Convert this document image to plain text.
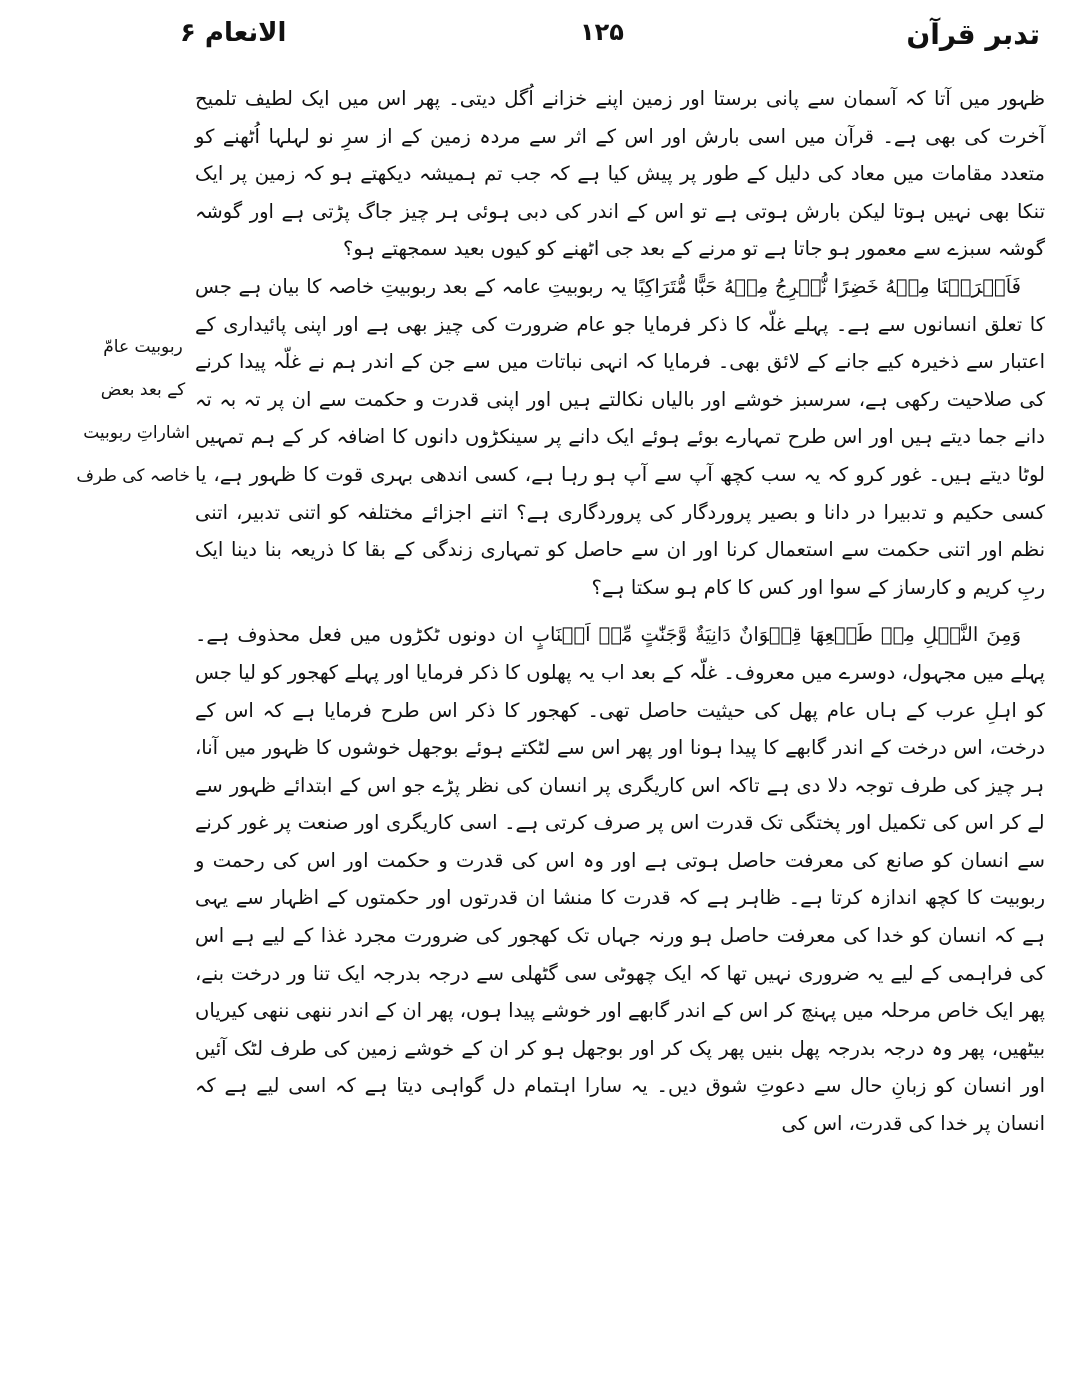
تدبر قرآن
۱۲۵
الانعام ۶
ربوبیت عامّ
کے بعد بعض
اشاراتِ ربوبیت
خاصہ کی طرف

ظہور میں آتا کہ آسمان سے پانی برستا اور زمین اپنے خزانے اُگل دیتی۔ پھر اس میں ایک لطیف تلمیح آخرت کی بھی ہے۔ قرآن میں اسی بارش اور اس کے اثر سے مردہ زمین کے از سرِ نو لہلہا اُٹھنے کو متعدد مقامات میں معاد کی دلیل کے طور پر پیش کیا ہے کہ جب تم ہمیشہ دیکھتے ہو کہ زمین پر ایک تنکا بھی نہیں ہوتا لیکن بارش ہوتی ہے تو اس کے اندر کی دبی ہوئی ہر چیز جاگ پڑتی ہے اور گوشہ گوشہ سبزے سے معمور ہو جاتا ہے تو مرنے کے بعد جی اٹھنے کو کیوں بعید سمجھتے ہو؟

فَاَخۡرَجۡنَا مِنۡهُ خَضِرًا نُّخۡرِجُ مِنۡهُ حَبًّا مُّتَرَاكِبًا یہ ربوبیتِ عامہ کے بعد ربوبیتِ خاصہ کا بیان ہے جس کا تعلق انسانوں سے ہے۔ پہلے غلّہ کا ذکر فرمایا جو عام ضرورت کی چیز بھی ہے اور اپنی پائیداری کے اعتبار سے ذخیرہ کیے جانے کے لائق بھی۔ فرمایا کہ انہی نباتات میں سے جن کے اندر ہم نے غلّہ پیدا کرنے کی صلاحیت رکھی ہے، سرسبز خوشے اور بالیاں نکالتے ہیں اور اپنی قدرت و حکمت سے ان پر تہ بہ تہ دانے جما دیتے ہیں اور اس طرح تمہارے بوئے ہوئے ایک دانے پر سینکڑوں دانوں کا اضافہ کر کے ہم تمہیں لوٹا دیتے ہیں۔ غور کرو کہ یہ سب کچھ آپ سے آپ ہو رہا ہے، کسی اندھی بہری قوت کا ظہور ہے، یا کسی حکیم و تدبیرا در دانا و بصیر پروردگار کی پروردگاری ہے؟ اتنے اجزائے مختلفہ کو اتنی تدبیر، اتنی نظم اور اتنی حکمت سے استعمال کرنا اور ان سے حاصل کو تمہاری زندگی کے بقا کا ذریعہ بنا دینا ایک ربِ کریم و کارساز کے سوا اور کس کا کام ہو سکتا ہے؟

وَمِنَ النَّخۡلِ مِنۡ طَلۡعِهَا قِنۡوَانٌ دَانِيَةٌ وَّجَنّٰتٍ مِّنۡ اَعۡنَابٍ ان دونوں ٹکڑوں میں فعل محذوف ہے۔ پہلے میں مجہول، دوسرے میں معروف۔ غلّہ کے بعد اب یہ پھلوں کا ذکر فرمایا اور پہلے کھجور کو لیا جس کو اہلِ عرب کے ہاں عام پھل کی حیثیت حاصل تھی۔ کھجور کا ذکر اس طرح فرمایا ہے کہ اس کے درخت، اس درخت کے اندر گابھے کا پیدا ہونا اور پھر اس سے لٹکتے ہوئے بوجھل خوشوں کا ظہور میں آنا، ہر چیز کی طرف توجہ دلا دی ہے تاکہ اس کاریگری پر انسان کی نظر پڑے جو اس کے ابتدائے ظہور سے لے کر اس کی تکمیل اور پختگی تک قدرت اس پر صرف کرتی ہے۔ اسی کاریگری اور صنعت پر غور کرنے سے انسان کو صانع کی معرفت حاصل ہوتی ہے اور وہ اس کی قدرت و حکمت اور اس کی رحمت و ربوبیت کا کچھ اندازہ کرتا ہے۔ ظاہر ہے کہ قدرت کا منشا ان قدرتوں اور حکمتوں کے اظہار سے یہی ہے کہ انسان کو خدا کی معرفت حاصل ہو ورنہ جہاں تک کھجور کی ضرورت مجرد غذا کے لیے ہے اس کی فراہمی کے لیے یہ ضروری نہیں تھا کہ ایک چھوٹی سی گٹھلی سے درجہ بدرجہ ایک تنا ور درخت بنے، پھر ایک خاص مرحلہ میں پہنچ کر اس کے اندر گابھے اور خوشے پیدا ہوں، پھر ان کے اندر ننھی ننھی کیریاں بیٹھیں، پھر وہ درجہ بدرجہ پھل بنیں پھر پک کر اور بوجھل ہو کر ان کے خوشے زمین کی طرف لٹک آئیں اور انسان کو زبانِ حال سے دعوتِ شوق دیں۔ یہ سارا اہتمام دل گواہی دیتا ہے کہ اسی لیے ہے کہ انسان پر خدا کی قدرت، اس کی
